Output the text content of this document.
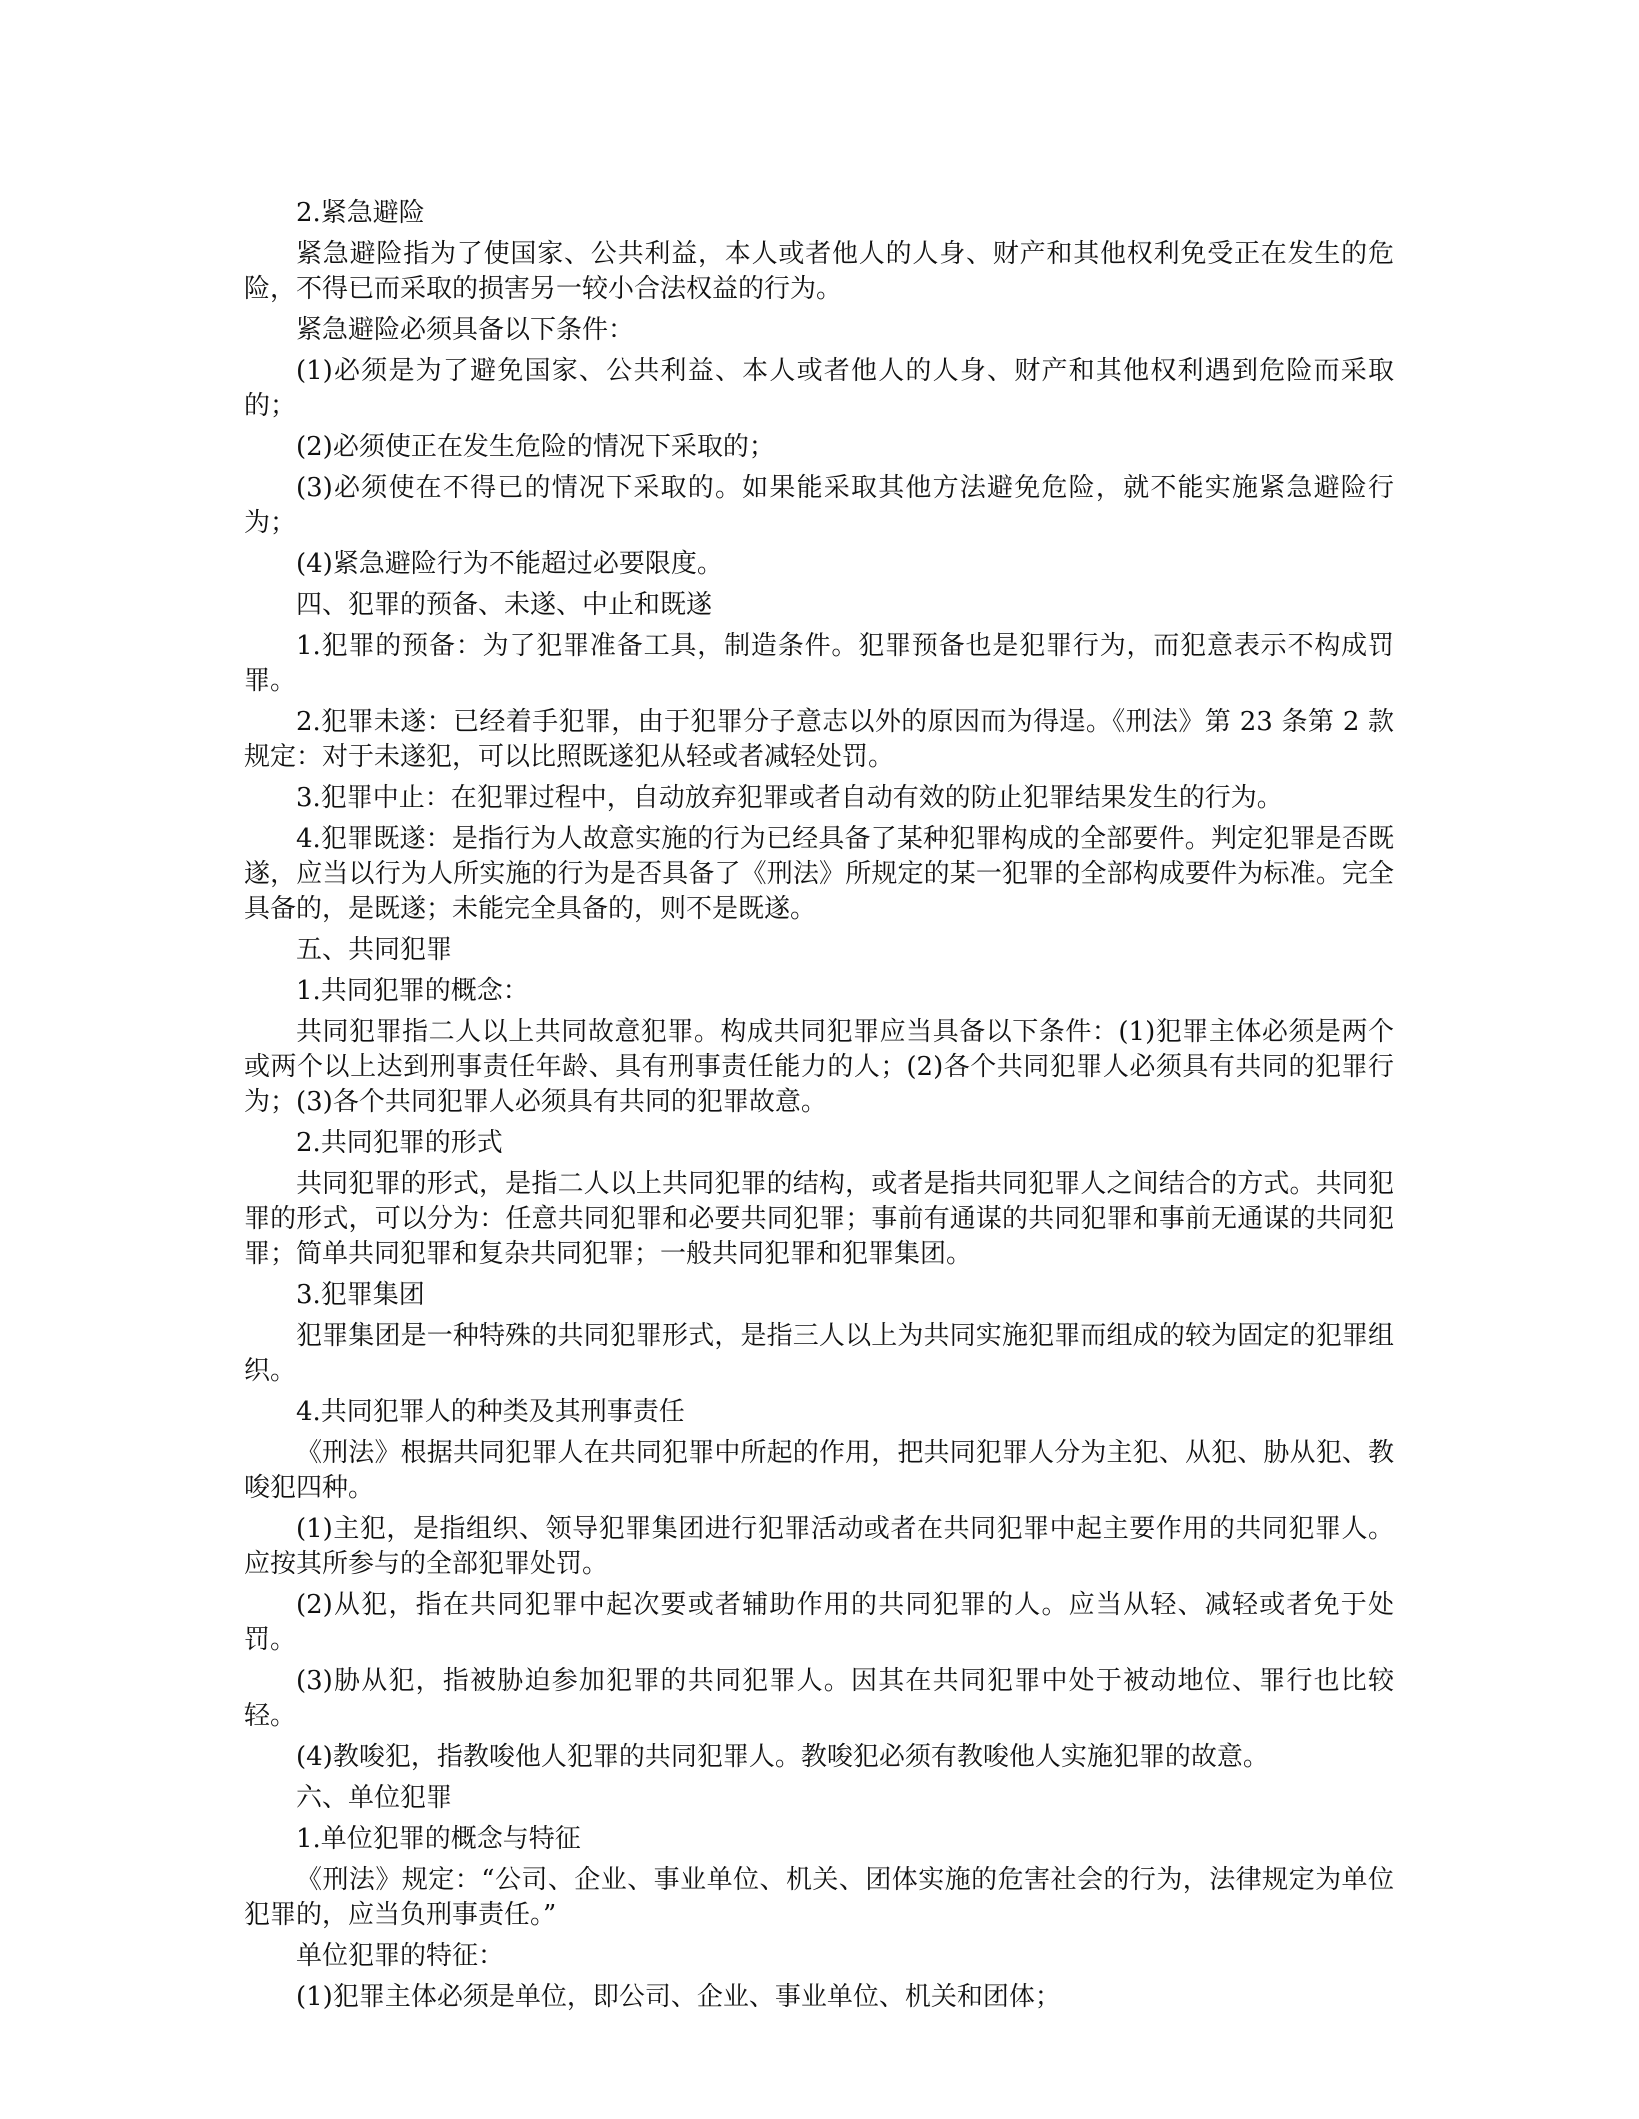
2.紧急避险

紧急避险指为了使国家、公共利益，本人或者他人的人身、财产和其他权利免受正在发生的危险，不得已而采取的损害另一较小合法权益的行为。

紧急避险必须具备以下条件：

(1)必须是为了避免国家、公共利益、本人或者他人的人身、财产和其他权利遇到危险而采取的；

(2)必须使正在发生危险的情况下采取的；

(3)必须使在不得已的情况下采取的。如果能采取其他方法避免危险，就不能实施紧急避险行为；

(4)紧急避险行为不能超过必要限度。

四、犯罪的预备、未遂、中止和既遂

1.犯罪的预备：为了犯罪准备工具，制造条件。犯罪预备也是犯罪行为，而犯意表示不构成罚罪。

2.犯罪未遂：已经着手犯罪，由于犯罪分子意志以外的原因而为得逞。《刑法》第 23 条第 2 款规定：对于未遂犯，可以比照既遂犯从轻或者减轻处罚。

3.犯罪中止：在犯罪过程中，自动放弃犯罪或者自动有效的防止犯罪结果发生的行为。

4.犯罪既遂：是指行为人故意实施的行为已经具备了某种犯罪构成的全部要件。判定犯罪是否既遂，应当以行为人所实施的行为是否具备了《刑法》所规定的某一犯罪的全部构成要件为标准。完全具备的，是既遂；未能完全具备的，则不是既遂。

五、共同犯罪

1.共同犯罪的概念：

共同犯罪指二人以上共同故意犯罪。构成共同犯罪应当具备以下条件：(1)犯罪主体必须是两个或两个以上达到刑事责任年龄、具有刑事责任能力的人；(2)各个共同犯罪人必须具有共同的犯罪行为；(3)各个共同犯罪人必须具有共同的犯罪故意。

2.共同犯罪的形式

共同犯罪的形式，是指二人以上共同犯罪的结构，或者是指共同犯罪人之间结合的方式。共同犯罪的形式，可以分为：任意共同犯罪和必要共同犯罪；事前有通谋的共同犯罪和事前无通谋的共同犯罪；简单共同犯罪和复杂共同犯罪；一般共同犯罪和犯罪集团。

3.犯罪集团

犯罪集团是一种特殊的共同犯罪形式，是指三人以上为共同实施犯罪而组成的较为固定的犯罪组织。

4.共同犯罪人的种类及其刑事责任

《刑法》根据共同犯罪人在共同犯罪中所起的作用，把共同犯罪人分为主犯、从犯、胁从犯、教唆犯四种。

(1)主犯，是指组织、领导犯罪集团进行犯罪活动或者在共同犯罪中起主要作用的共同犯罪人。应按其所参与的全部犯罪处罚。

(2)从犯，指在共同犯罪中起次要或者辅助作用的共同犯罪的人。应当从轻、减轻或者免于处罚。

(3)胁从犯，指被胁迫参加犯罪的共同犯罪人。因其在共同犯罪中处于被动地位、罪行也比较轻。

(4)教唆犯，指教唆他人犯罪的共同犯罪人。教唆犯必须有教唆他人实施犯罪的故意。

六、单位犯罪

1.单位犯罪的概念与特征

《刑法》规定：“公司、企业、事业单位、机关、团体实施的危害社会的行为，法律规定为单位犯罪的，应当负刑事责任。”

单位犯罪的特征：

(1)犯罪主体必须是单位，即公司、企业、事业单位、机关和团体；
